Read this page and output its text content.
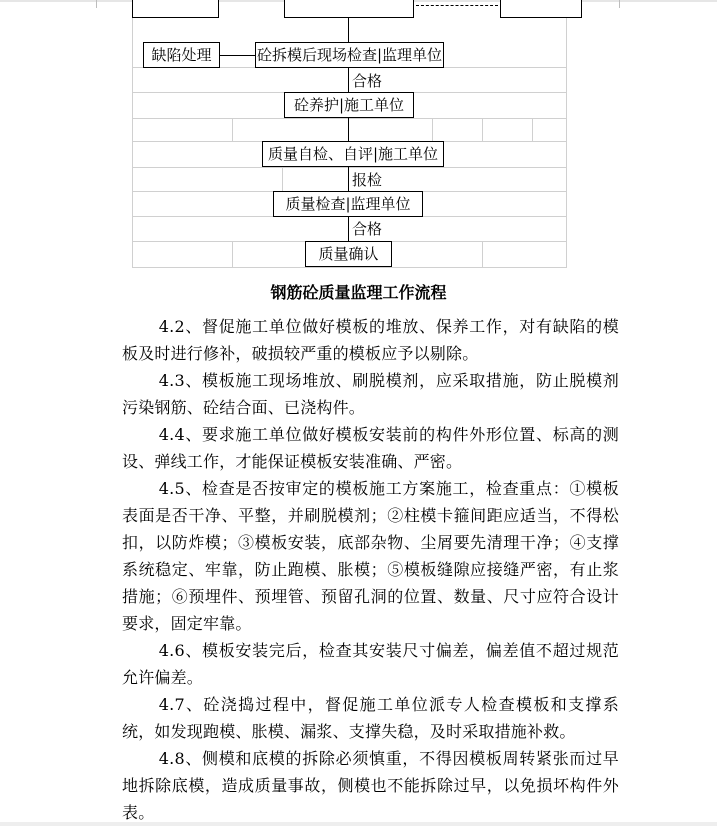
缺陷处理	砼拆模后现场检查|监理单位
合格
砼养护|施工单位
质量自检、自评|施工单位
报检
质量检查|监理单位
合格
质量确认
钢筋砼质量监理工作流程

4.2、督促施工单位做好模板的堆放、保养工作，对有缺陷的模板及时进行修补，破损较严重的模板应予以剔除。

4.3、模板施工现场堆放、刷脱模剂，应采取措施，防止脱模剂污染钢筋、砼结合面、已浇构件。

4.4、要求施工单位做好模板安装前的构件外形位置、标高的测设、弹线工作，才能保证模板安装准确、严密。

4.5、检查是否按审定的模板施工方案施工，检查重点：①模板表面是否干净、平整，并刷脱模剂；②柱模卡箍间距应适当，不得松扣，以防炸模；③模板安装，底部杂物、尘屑要先清理干净；④支撑系统稳定、牢靠，防止跑模、胀模；⑤模板缝隙应接缝严密，有止浆措施；⑥预埋件、预埋管、预留孔洞的位置、数量、尺寸应符合设计要求，固定牢靠。

4.6、模板安装完后，检查其安装尺寸偏差，偏差值不超过规范允许偏差。

4.7、砼浇捣过程中，督促施工单位派专人检查模板和支撑系统，如发现跑模、胀模、漏浆、支撑失稳，及时采取措施补救。

4.8、侧模和底模的拆除必须慎重，不得因模板周转紧张而过早地拆除底模，造成质量事故，侧模也不能拆除过早，以免损坏构件外表。
